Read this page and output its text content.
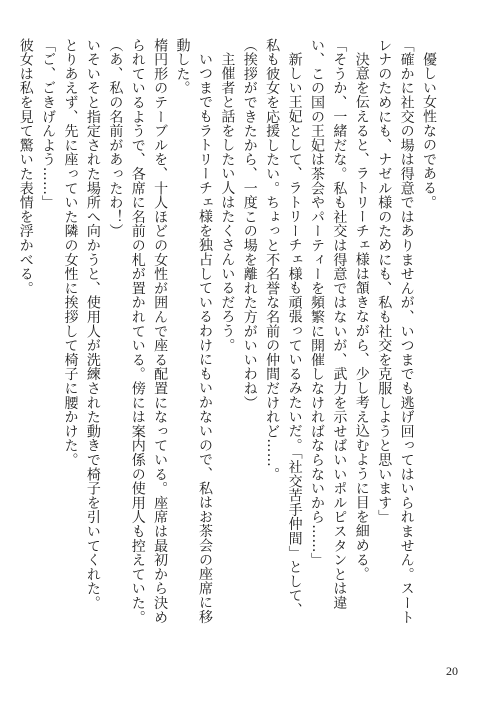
優しい女性なのである。

「確かに社交の場は得意ではありませんが、いつまでも逃げ回ってはいられません。スートレナのためにも、ナゼル様のためにも、私も社交を克服しようと思います」

決意を伝えると、ラトリーチェ様は頷きながら、少し考え込むように目を細める。

「そうか、一緒だな。私も社交は得意ではないが、武力を示せばいいポルピスタンとは違い、この国の王妃は茶会やパーティーを頻繁に開催しなければならないから……」

新しい王妃として、ラトリーチェ様も頑張っているみたいだ。「社交苦手仲間」として、私も彼女を応援したい。ちょっと不名誉な名前の仲間だけれど……。

（挨拶ができたから、一度この場を離れた方がいいわね）

主催者と話をしたい人はたくさんいるだろう。

いつまでもラトリーチェ様を独占しているわけにもいかないので、私はお茶会の座席に移動した。

楕円形のテーブルを、十人ほどの女性が囲んで座る配置になっている。座席は最初から決められているようで、各席に名前の札が置かれている。傍には案内係の使用人も控えていた。

（あ、私の名前があったわ！）

いそいそと指定された場所へ向かうと、使用人が洗練された動きで椅子を引いてくれた。

とりあえず、先に座っていた隣の女性に挨拶して椅子に腰かけた。

「ご、ごきげんよう……」

彼女は私を見て驚いた表情を浮かべる。

20
